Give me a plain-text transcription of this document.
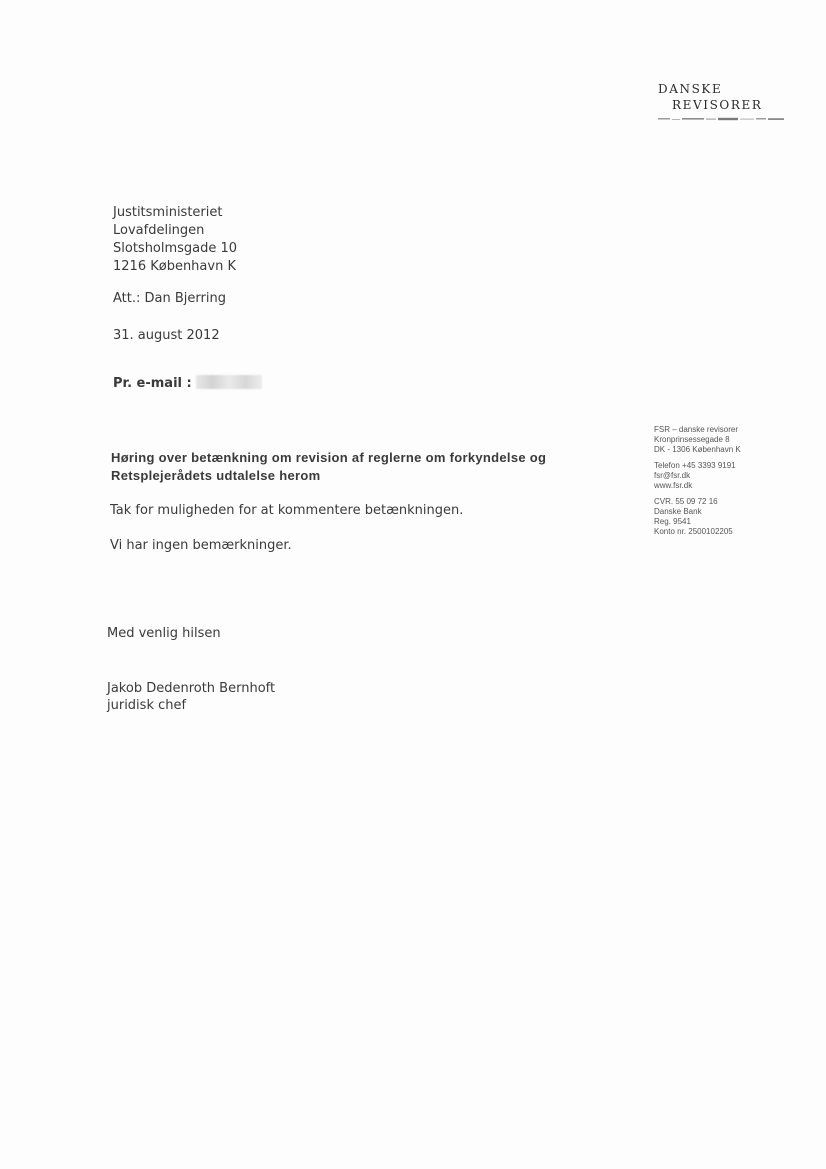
DANSKE
REVISORER
Justitsministeriet
Lovafdelingen
Slotsholmsgade 10
1216 København K
Att.: Dan Bjerring
31. august 2012
Pr. e-mail :
FSR – danske revisorer
Kronprinsessegade 8
DK - 1306 København K
Telefon +45 3393 9191
fsr@fsr.dk
www.fsr.dk
CVR. 55 09 72 16
Danske Bank
Reg. 9541
Konto nr. 2500102205
Høring over betænkning om revision af reglerne om forkyndelse og
Retsplejerådets udtalelse herom
Tak for muligheden for at kommentere betænkningen.
Vi har ingen bemærkninger.
Med venlig hilsen
Jakob Dedenroth Bernhoft
juridisk chef
